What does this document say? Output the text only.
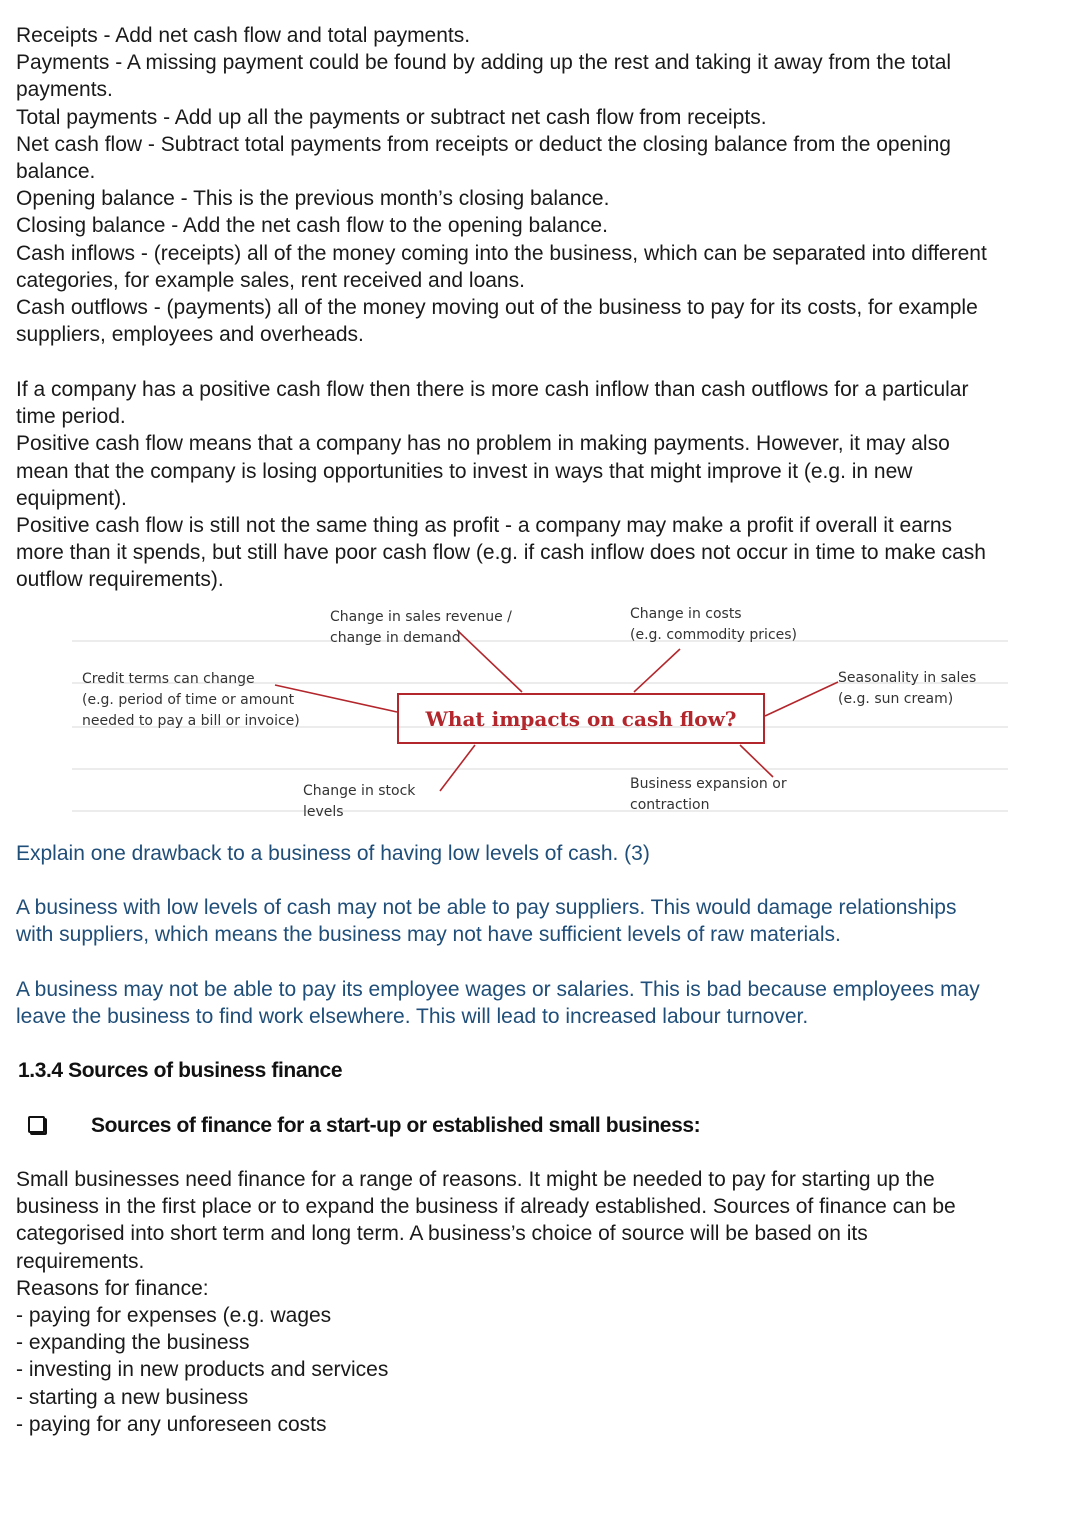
Receipts - Add net cash flow and total payments.
Payments - A missing payment could be found by adding up the rest and taking it away from the total
payments.
Total payments - Add up all the payments or subtract net cash flow from receipts.
Net cash flow - Subtract total payments from receipts or deduct the closing balance from the opening
balance.
Opening balance - This is the previous month’s closing balance.
Closing balance - Add the net cash flow to the opening balance.
Cash inflows - (receipts) all of the money coming into the business, which can be separated into different
categories, for example sales, rent received and loans.
Cash outflows - (payments) all of the money moving out of the business to pay for its costs, for example
suppliers, employees and overheads.
If a company has a positive cash flow then there is more cash inflow than cash outflows for a particular
time period.
Positive cash flow means that a company has no problem in making payments. However, it may also
mean that the company is losing opportunities to invest in ways that might improve it (e.g. in new
equipment).
Positive cash flow is still not the same thing as profit - a company may make a profit if overall it earns
more than it spends, but still have poor cash flow (e.g. if cash inflow does not occur in time to make cash
outflow requirements).
What impacts on cash flow?
Change in sales revenue /
change in demand
Change in costs
(e.g. commodity prices)
Credit terms can change
(e.g. period of time or amount
needed to pay a bill or invoice)
Seasonality in sales
(e.g. sun cream)
Change in stock
levels
Business expansion or
contraction
Explain one drawback to a business of having low levels of cash. (3)
A business with low levels of cash may not be able to pay suppliers. This would damage relationships
with suppliers, which means the business may not have sufficient levels of raw materials.
A business may not be able to pay its employee wages or salaries. This is bad because employees may
leave the business to find work elsewhere. This will lead to increased labour turnover.
1.3.4 Sources of business finance
Sources of finance for a start-up or established small business:
Small businesses need finance for a range of reasons. It might be needed to pay for starting up the
business in the first place or to expand the business if already established. Sources of finance can be
categorised into short term and long term. A business’s choice of source will be based on its
requirements.
Reasons for finance:
- paying for expenses (e.g. wages
- expanding the business
- investing in new products and services
- starting a new business
- paying for any unforeseen costs
